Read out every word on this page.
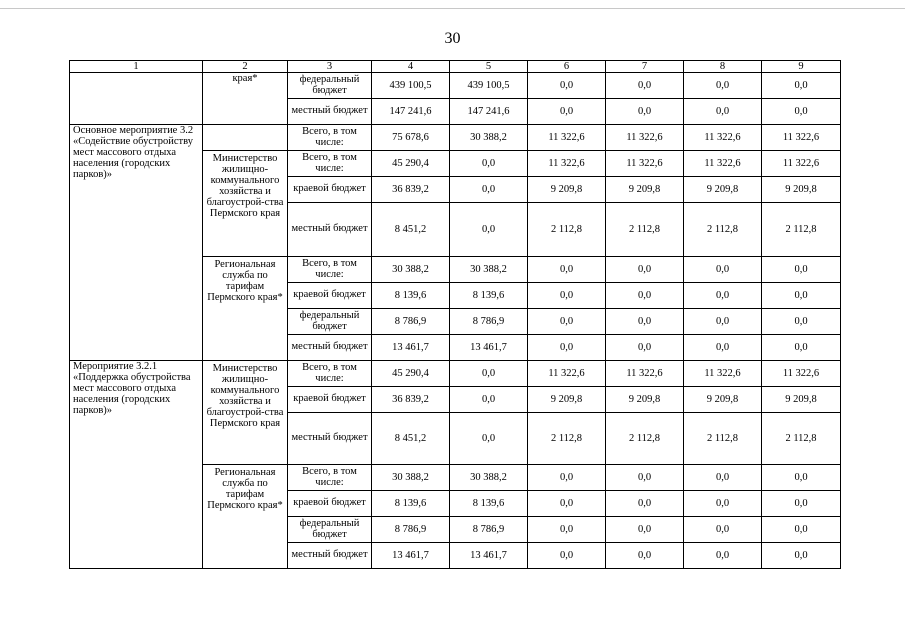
30
1	2	3	4	5	6	7	8	9
	края*	федеральный бюджет	439 100,5	439 100,5	0,0	0,0	0,0	0,0
		местный бюджет	147 241,6	147 241,6	0,0	0,0	0,0	0,0
Основное мероприятие 3.2 «Содействие обустройству мест массового отдыха населения (городских парков)»		Всего, в том числе:	75 678,6	30 388,2	11 322,6	11 322,6	11 322,6	11 322,6

	Министерство жилищно-коммунального хозяйства и благоустрой-ства Пермского края	Всего, в том числе:	45 290,4	0,0	11 322,6	11 322,6	11 322,6	11 322,6
		краевой бюджет	36 839,2	0,0	9 209,8	9 209,8	9 209,8	9 209,8
		местный бюджет	8 451,2	0,0	2 112,8	2 112,8	2 112,8	2 112,8

	Региональная служба по тарифам Пермского края*	Всего, в том числе:	30 388,2	30 388,2	0,0	0,0	0,0	0,0
		краевой бюджет	8 139,6	8 139,6	0,0	0,0	0,0	0,0
		федеральный бюджет	8 786,9	8 786,9	0,0	0,0	0,0	0,0
		местный бюджет	13 461,7	13 461,7	0,0	0,0	0,0	0,0
Мероприятие 3.2.1 «Поддержка обустройства мест массового отдыха населения (городских парков)»	Министерство жилищно-коммунального хозяйства и благоустрой-ства Пермского края	Всего, в том числе:	45 290,4	0,0	11 322,6	11 322,6	11 322,6	11 322,6
		краевой бюджет	36 839,2	0,0	9 209,8	9 209,8	9 209,8	9 209,8
		местный бюджет	8 451,2	0,0	2 112,8	2 112,8	2 112,8	2 112,8

	Региональная служба по тарифам Пермского края*	Всего, в том числе:	30 388,2	30 388,2	0,0	0,0	0,0	0,0
		краевой бюджет	8 139,6	8 139,6	0,0	0,0	0,0	0,0
		федеральный бюджет	8 786,9	8 786,9	0,0	0,0	0,0	0,0
		местный бюджет	13 461,7	13 461,7	0,0	0,0	0,0	0,0
